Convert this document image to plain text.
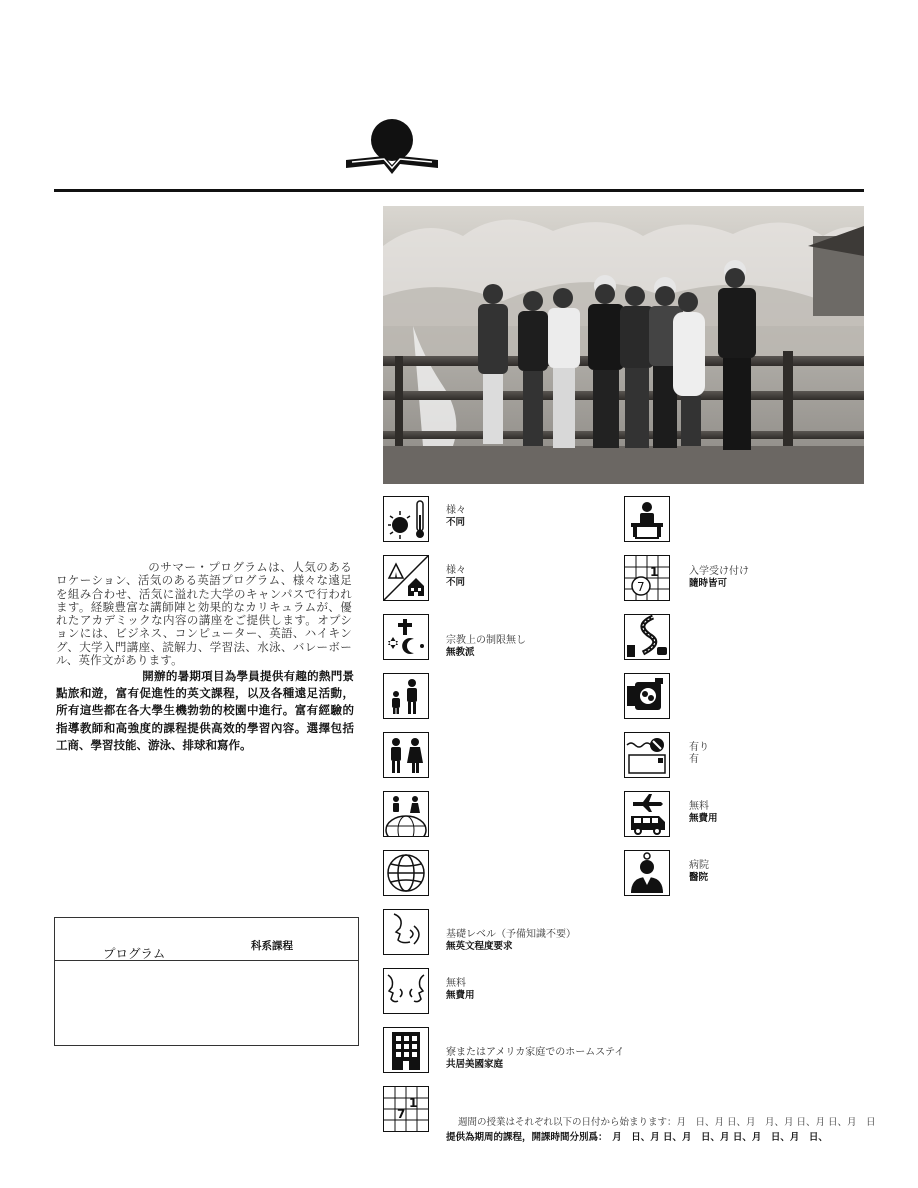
のサマー・プログラムは、人気のあるロケーション、活気のある英語プログラム、様々な遠足を組み合わせ、活気に溢れた大学のキャンパスで行われます。経験豊富な講師陣と効果的なカリキュラムが、優れたアカデミックな内容の講座をご提供します。オプションには、ビジネス、コンピューター、英語、ハイキング、大学入門講座、読解力、学習法、水泳、バレーボール、英作文があります。
開辦的暑期項目為學員提供有趣的熱門景點旅和遊，富有促進性的英文課程，以及各種遠足活動，所有這些都在各大學生機勃勃的校園中進行。富有經驗的指導教師和高強度的課程提供高效的學習內容。選擇包括工商、學習技能、游泳、排球和寫作。
プログラム	科系課程
様々
不同
様々
不同
宗教上の制限無し
無教派
基礎レベル（予備知識不要）
無英文程度要求
無料
無費用
寮またはアメリカ家庭でのホームステイ
共居美國家庭
1
7
1
7
入学受け付け
隨時皆可
有り
有
無料
無費用
病院
醫院
週間の授業はそれぞれ以下の日付から始まります：月　日、月 日、月　月、月 日、月 日、月　日
提供為期周的課程，開課時間分別爲：　月　日、月 日、月　日、月 日、月　日、月　日、
